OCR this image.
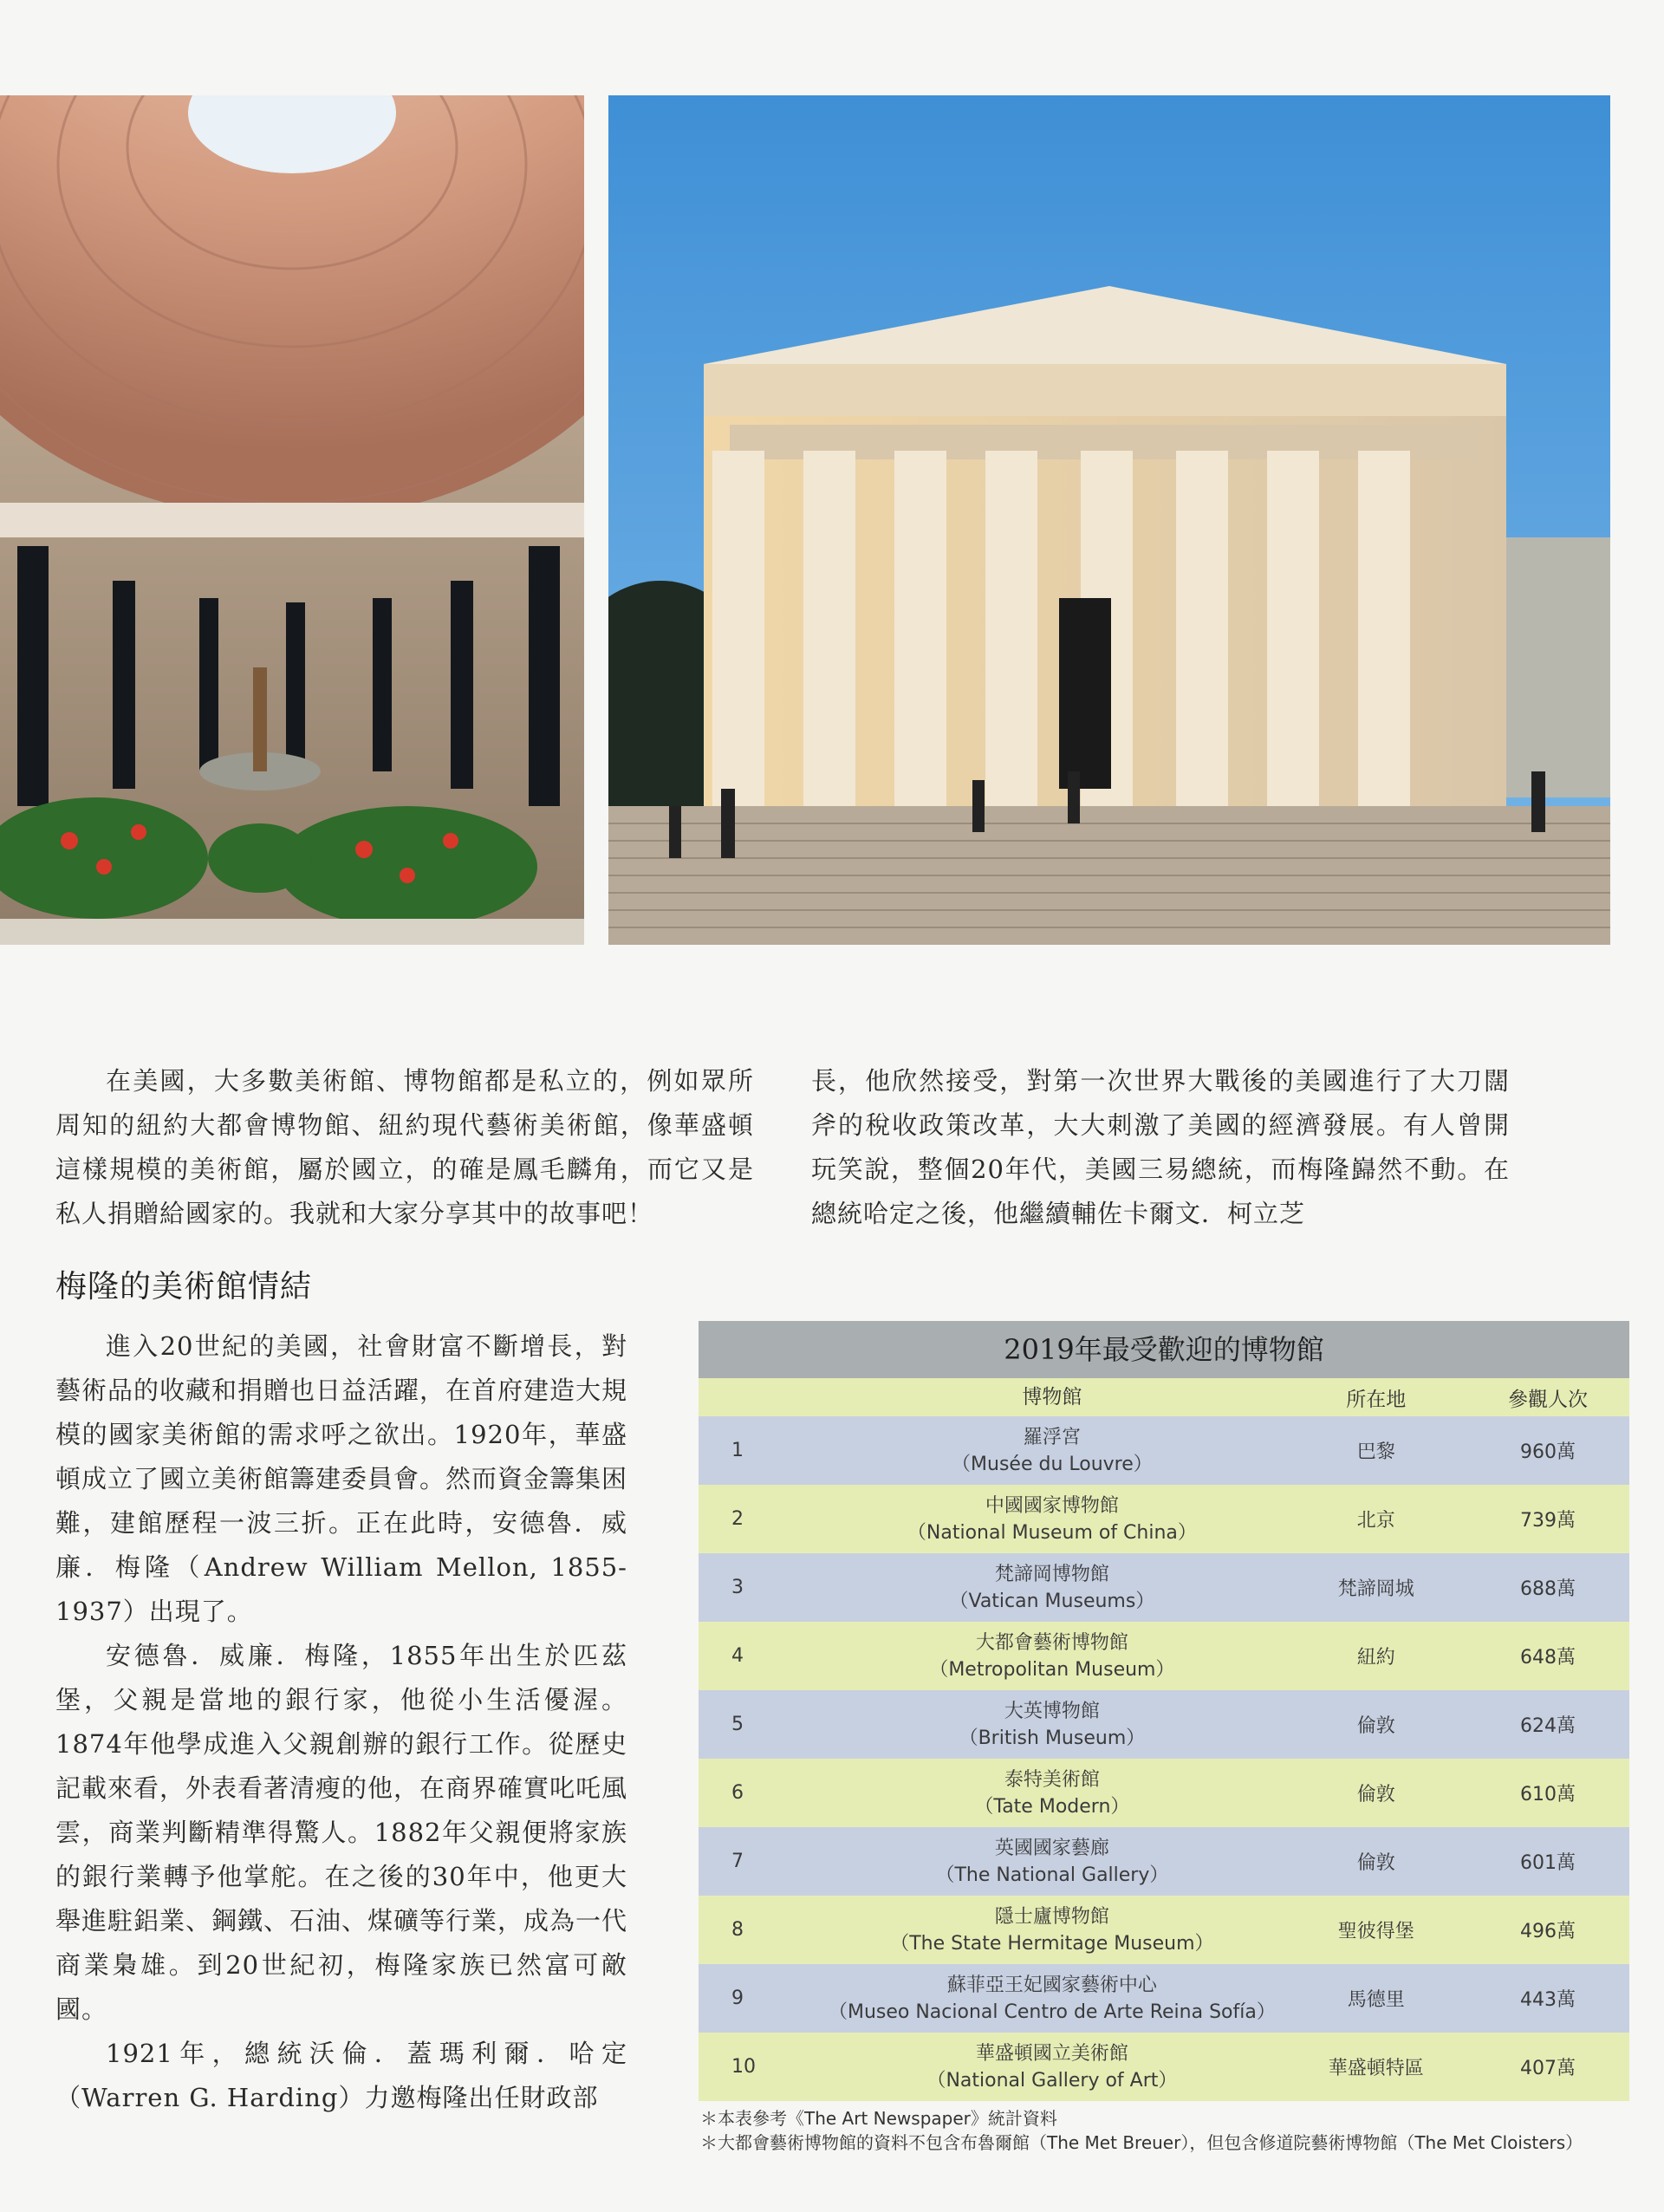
在美國，大多數美術館、博物館都是私立的，例如眾所周知的紐約大都會博物館、紐約現代藝術美術館，像華盛頓這樣規模的美術館，屬於國立，的確是鳳毛麟角，而它又是私人捐贈給國家的。我就和大家分享其中的故事吧！

長，他欣然接受，對第一次世界大戰後的美國進行了大刀闊斧的稅收政策改革，大大刺激了美國的經濟發展。有人曾開玩笑說，整個20年代，美國三易總統，而梅隆巋然不動。在總統哈定之後，他繼續輔佐卡爾文．柯立芝

梅隆的美術館情結

進入20世紀的美國，社會財富不斷增長，對藝術品的收藏和捐贈也日益活躍，在首府建造大規模的國家美術館的需求呼之欲出。1920年，華盛頓成立了國立美術館籌建委員會。然而資金籌集困難，建館歷程一波三折。正在此時，安德魯．威廉．梅隆（Andrew William Mellon, 1855-1937）出現了。

安德魯．威廉．梅隆，1855年出生於匹茲堡，父親是當地的銀行家，他從小生活優渥。1874年他學成進入父親創辦的銀行工作。從歷史記載來看，外表看著清瘦的他，在商界確實叱吒風雲，商業判斷精準得驚人。1882年父親便將家族的銀行業轉予他掌舵。在之後的30年中，他更大舉進駐鋁業、鋼鐵、石油、煤礦等行業，成為一代商業梟雄。到20世紀初，梅隆家族已然富可敵國。

1921年，總統沃倫．蓋瑪利爾．哈定（Warren G. Harding）力邀梅隆出任財政部

2019年最受歡迎的博物館
	博物館	所在地	參觀人次
1	羅浮宮
（Musée du Louvre）	巴黎	960萬
2	中國國家博物館
（National Museum of China）	北京	739萬
3	梵諦岡博物館
（Vatican Museums）	梵諦岡城	688萬
4	大都會藝術博物館
（Metropolitan Museum）	紐約	648萬
5	大英博物館
（British Museum）	倫敦	624萬
6	泰特美術館
（Tate Modern）	倫敦	610萬
7	英國國家藝廊
（The National Gallery）	倫敦	601萬
8	隱士廬博物館
（The State Hermitage Museum）	聖彼得堡	496萬
9	蘇菲亞王妃國家藝術中心
（Museo Nacional Centro de Arte Reina Sofía）	馬德里	443萬
10	華盛頓國立美術館
（National Gallery of Art）	華盛頓特區	407萬

＊本表參考《The Art Newspaper》統計資料

＊大都會藝術博物館的資料不包含布魯爾館（The Met Breuer），但包含修道院藝術博物館（The Met Cloisters）
